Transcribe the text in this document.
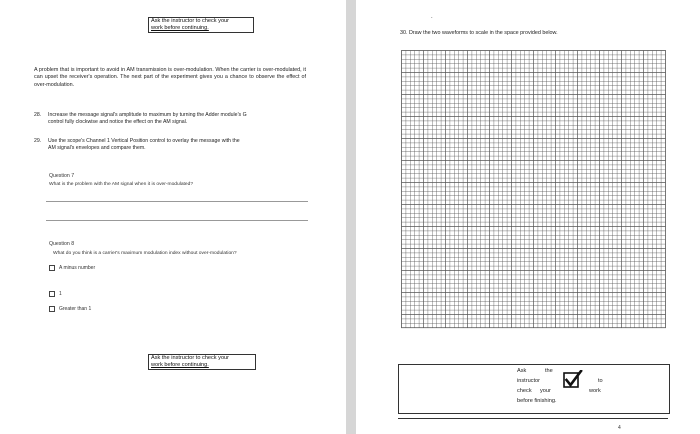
Ask the instructor to check your
work before continuing.
A problem that is important to avoid in AM transmission is over-modulation. When the carrier is over-modulated, it can upset the receiver's operation. The next part of the experiment gives you a chance to observe the effect of over-modulation.
28. Increase the message signal's amplitude to maximum by turning the Adder module's G
control fully clockwise and notice the effect on the AM signal.
29. Use the scope's Channel 1 Vertical Position control to overlay the message with the
AM signal's envelopes and compare them.
Question 7
What is the problem with the AM signal when it is over-modulated?
Question 8
What do you think is a carrier's maximum modulation index without over-modulation?
A minus number
1
Greater than 1
Ask the instructor to check your
work before continuing.
.
30. Draw the two waveforms to scale in the space provided below.
Ask	the
instructor	to
check your	work
before finishing.
4
